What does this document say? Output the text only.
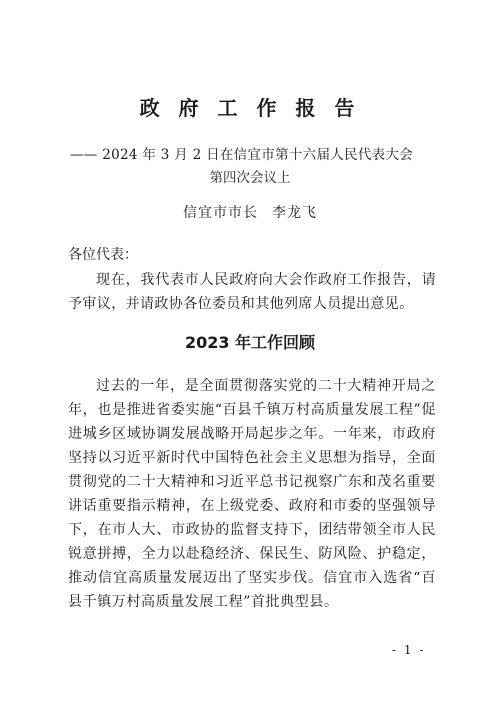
政 府 工 作 报 告

—— 2024 年 3 月 2 日在信宜市第十六届人民代表大会

第四次会议上

信宜市市长 李龙飞

各位代表：

现在，我代表市人民政府向大会作政府工作报告，请予审议，并请政协各位委员和其他列席人员提出意见。

2023 年工作回顾

过去的一年，是全面贯彻落实党的二十大精神开局之年，也是推进省委实施“百县千镇万村高质量发展工程”促进城乡区域协调发展战略开局起步之年。一年来，市政府坚持以习近平新时代中国特色社会主义思想为指导，全面贯彻党的二十大精神和习近平总书记视察广东和茂名重要讲话重要指示精神，在上级党委、政府和市委的坚强领导下，在市人大、市政协的监督支持下，团结带领全市人民锐意拼搏，全力以赴稳经济、保民生、防风险、护稳定，推动信宜高质量发展迈出了坚实步伐。信宜市入选省“百县千镇万村高质量发展工程”首批典型县。

- 1 -
